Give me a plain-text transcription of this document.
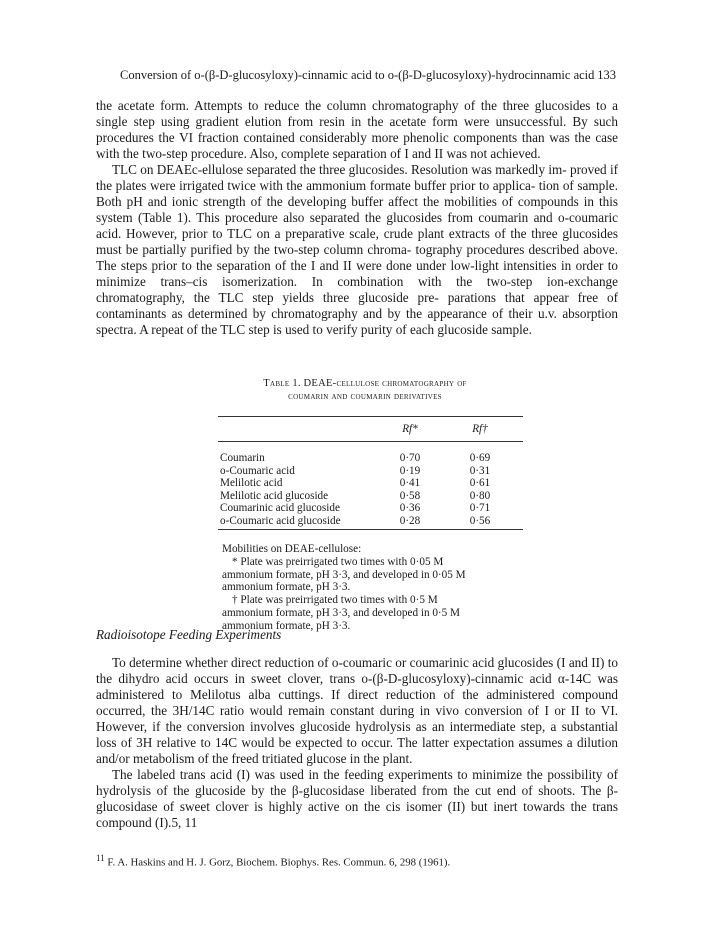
Conversion of o-(β-D-glucosyloxy)-cinnamic acid to o-(β-D-glucosyloxy)-hydrocinnamic acid 133

the acetate form. Attempts to reduce the column chromatography of the three glucosides to a single step using gradient elution from resin in the acetate form were unsuccessful. By such procedures the VI fraction contained considerably more phenolic components than was the case with the two-step procedure. Also, complete separation of I and II was not achieved.

TLC on DEAEc-ellulose separated the three glucosides. Resolution was markedly im- proved if the plates were irrigated twice with the ammonium formate buffer prior to applica- tion of sample. Both pH and ionic strength of the developing buffer affect the mobilities of compounds in this system (Table 1). This procedure also separated the glucosides from coumarin and o-coumaric acid. However, prior to TLC on a preparative scale, crude plant extracts of the three glucosides must be partially purified by the two-step column chroma- tography procedures described above. The steps prior to the separation of the I and II were done under low-light intensities in order to minimize trans–cis isomerization. In combination with the two-step ion-exchange chromatography, the TLC step yields three glucoside pre- parations that appear free of contaminants as determined by chromatography and by the appearance of their u.v. absorption spectra. A repeat of the TLC step is used to verify purity of each glucoside sample.

Table 1. DEAE-cellulose chromatography of
coumarin and coumarin derivatives
Rf*	Rf†
Coumarin	0·70	0·69
o-Coumaric acid	0·19	0·31
Melilotic acid	0·41	0·61
Melilotic acid glucoside	0·58	0·80
Coumarinic acid glucoside	0·36	0·71
o-Coumaric acid glucoside	0·28	0·56
Mobilities on DEAE-cellulose:
* Plate was preirrigated two times with 0·05 M
ammonium formate, pH 3·3, and developed in 0·05 M
ammonium formate, pH 3·3.
† Plate was preirrigated two times with 0·5 M
ammonium formate, pH 3·3, and developed in 0·5 M
ammonium formate, pH 3·3.
Radioisotope Feeding Experiments

To determine whether direct reduction of o-coumaric or coumarinic acid glucosides (I and II) to the dihydro acid occurs in sweet clover, trans o-(β-D-glucosyloxy)-cinnamic acid α-14C was administered to Melilotus alba cuttings. If direct reduction of the administered compound occurred, the 3H/14C ratio would remain constant during in vivo conversion of I or II to VI. However, if the conversion involves glucoside hydrolysis as an intermediate step, a substantial loss of 3H relative to 14C would be expected to occur. The latter expectation assumes a dilution and/or metabolism of the freed tritiated glucose in the plant.

The labeled trans acid (I) was used in the feeding experiments to minimize the possibility of hydrolysis of the glucoside by the β-glucosidase liberated from the cut end of shoots. The β-glucosidase of sweet clover is highly active on the cis isomer (II) but inert towards the trans compound (I).5, 11

$^{11}$ F. A. Haskins and H. J. Gorz, Biochem. Biophys. Res. Commun. 6, 298 (1961).
